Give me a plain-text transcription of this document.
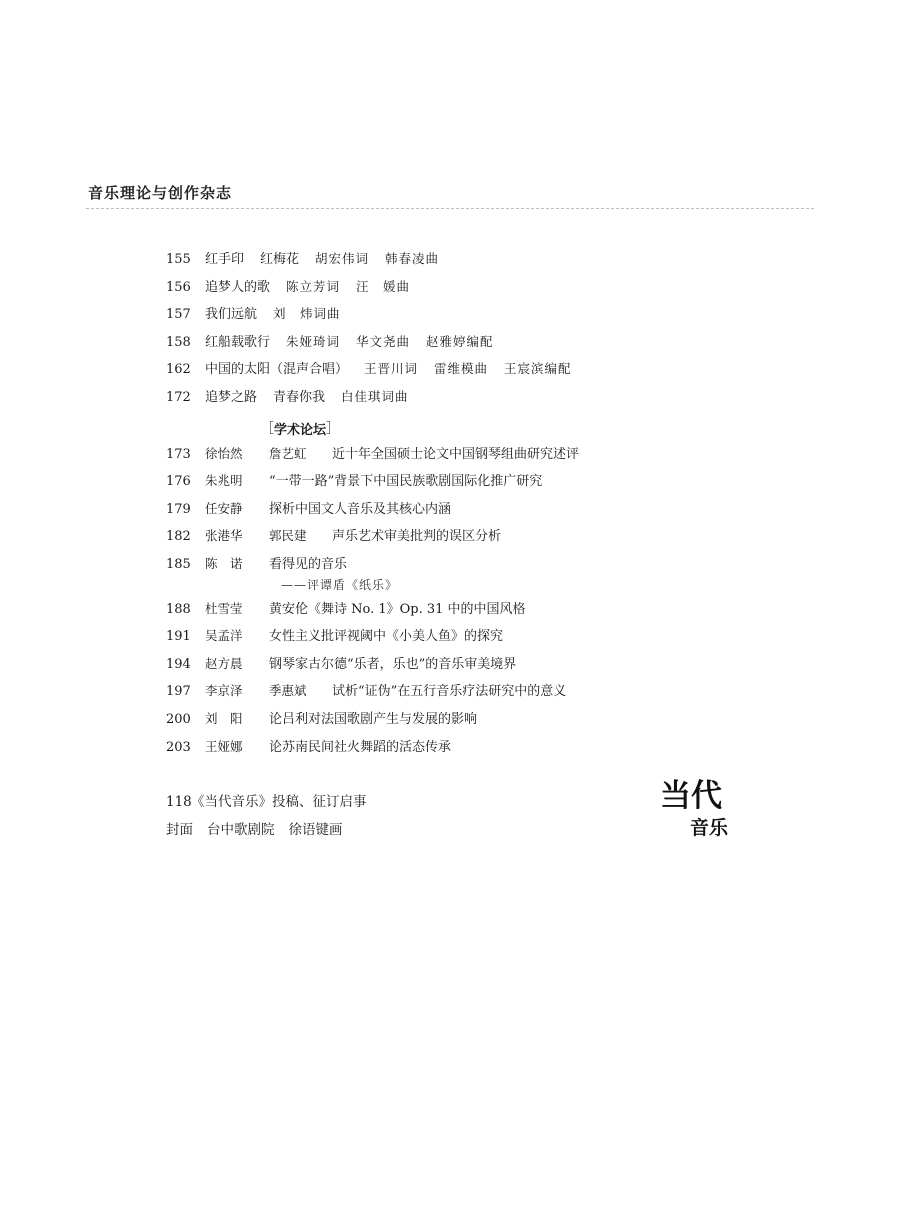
音乐理论与创作杂志
155	红手印 红梅花 胡宏伟词 韩春凌曲
156	追梦人的歌 陈立芳词 汪　媛曲
157	我们远航 刘　炜词曲
158	红船载歌行 朱娅琦词 华文尧曲 赵雅婷编配
162	中国的太阳（混声合唱） 王晋川词 雷维模曲 王宸滨编配
172	追梦之路 青春你我 白佳琪词曲
［ 学术论坛 ］
173	徐怡然	詹艺虹	近十年全国硕士论文中国钢琴组曲研究述评
176	朱兆明	“一带一路”背景下中国民族歌剧国际化推广研究
179	任安静	探析中国文人音乐及其核心内涵
182	张港华	郭民建	声乐艺术审美批判的误区分析
185	陈　诺	看得见的音乐
——评谭盾《纸乐》
188	杜雪莹	黄安伦《舞诗 No. 1》Op. 31 中的中国风格
191	吴孟洋	女性主义批评视阈中《小美人鱼》的探究
194	赵方晨	钢琴家古尔德“乐者，乐也”的音乐审美境界
197	李京泽	季惠斌	试析“证伪”在五行音乐疗法研究中的意义
200	刘　阳	论吕利对法国歌剧产生与发展的影响
203	王娅娜	论苏南民间社火舞蹈的活态传承
118 《当代音乐》投稿、征订启事
封面 台中歌剧院 徐语键画
当代
音乐
